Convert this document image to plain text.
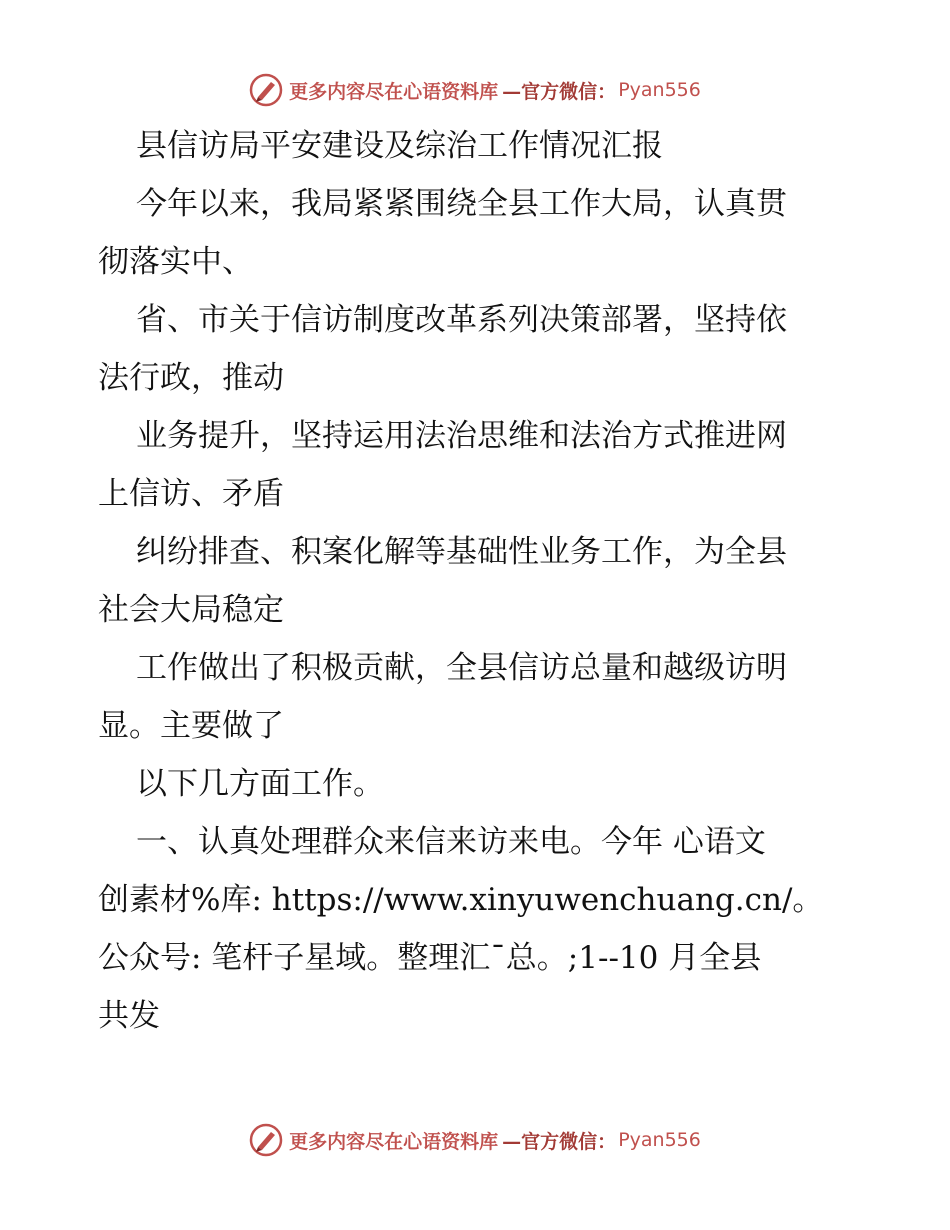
更多内容尽在心语资料库 —官方微信： Pyan556
县信访局平安建设及综治工作情况汇报
今年以来，我局紧紧围绕全县工作大局，认真贯
彻落实中、
省、市关于信访制度改革系列决策部署，坚持依
法行政，推动
业务提升，坚持运用法治思维和法治方式推进网
上信访、矛盾
纠纷排查、积案化解等基础性业务工作，为全县
社会大局稳定
工作做出了积极贡献，全县信访总量和越级访明
显。主要做了
以下几方面工作。
一、认真处理群众来信来访来电。今年 心语文
创素材%库: https://www.xinyuwenchuang.cn/。
公众号: 笔杆子星域。整理汇¯总。;1--10 月全县
共发
更多内容尽在心语资料库 —官方微信： Pyan556
